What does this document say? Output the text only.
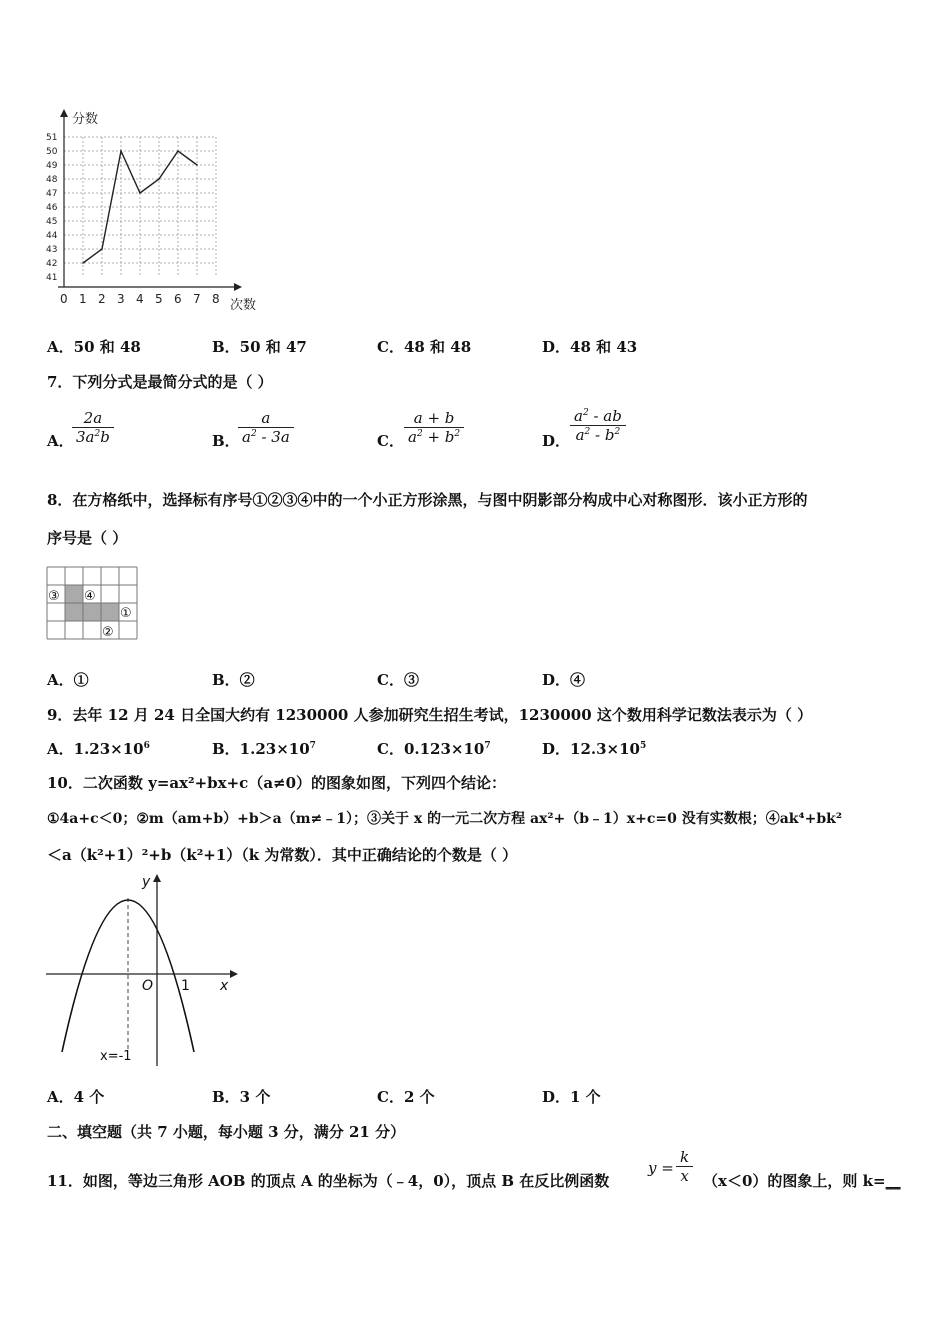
0 1 2 3 4 5 6 7 8
41
42
43
44
45
46
47
48
49
50
51
分数
次数
A．50 和 48	B．50 和 47	C．48 和 48	D．48 和 43
7．下列分式是最简分式的是（ ）
A．
$\frac{2a}{3a^2b}$	B．
$\frac{a}{a^2 - 3a}$	C． $\frac{a + b}{a^2 + b^2}$	D． $\frac{a^2 - ab}{a^2 - b^2}$
8．在方格纸中，选择标有序号①②③④中的一个小正方形涂黑，与图中阴影部分构成中心对称图形．该小正方形的
序号是（ ）
③ ④
①
②
A．①	B．②	C．③	D．④
9．去年 12 月 24 日全国大约有 1230000 人参加研究生招生考试，1230000 这个数用科学记数法表示为（ ）
A．$1.23\times 10^6$	B．$1.23\times 10^7$	C．$0.123\times 10^7$	D．$12.3\times 10^5$
10．二次函数 y=ax²+bx+c（a≠0）的图象如图，下列四个结论：
①4a+c＜0；②m（am+b）+b＞a（m≠﹣1）；③关于 x 的一元二次方程 ax²+（b﹣1）x+c=0 没有实数根；④ak⁴+bk²
＜a（k²+1）²+b（k²+1）（k 为常数）．其中正确结论的个数是（ ）
y
x
O 1
x=-1
A．4 个	B．3 个	C．2 个	D．1 个
二、填空题（共 7 小题，每小题 3 分，满分 21 分）
11．如图，等边三角形 AOB 的顶点 A 的坐标为（﹣4，0），顶点 B 在反比例函数
$y = \frac{k}{x} (x<0)$的图象上，则 k=__
